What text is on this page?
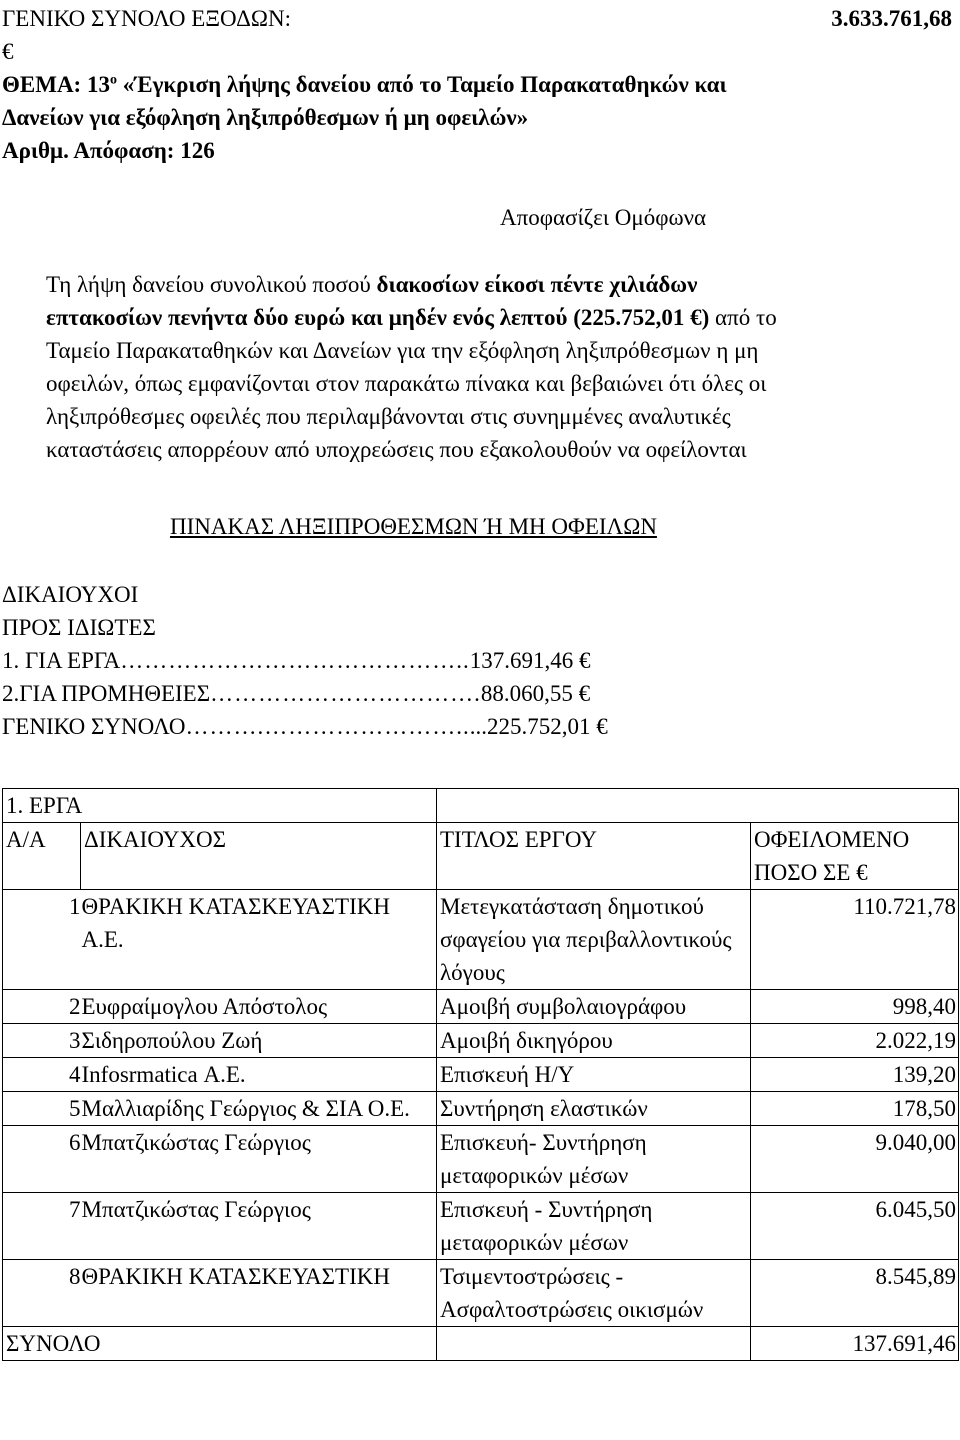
ΓΕΝΙΚΟ ΣΥΝΟΛΟ ΕΞΟΔΩΝ:	3.633.761,68
€
ΘΕΜΑ: $13^o$ «Έγκριση λήψης δανείου από το Ταμείο Παρακαταθηκών και
Δανείων για εξόφληση ληξιπρόθεσμων ή μη οφειλών»
Αριθμ. Απόφαση: 126
Αποφασίζει Ομόφωνα
Τη λήψη δανείου συνολικού ποσού διακοσίων είκοσι πέντε χιλιάδων
επτακοσίων πενήντα δύο ευρώ και μηδέν ενός λεπτού (225.752,01 €) από το
Ταμείο Παρακαταθηκών και Δανείων για την εξόφληση ληξιπρόθεσμων η μη
οφειλών, όπως εμφανίζονται στον παρακάτω πίνακα και βεβαιώνει ότι όλες οι
ληξιπρόθεσμες οφειλές που περιλαμβάνονται στις συνημμένες αναλυτικές
καταστάσεις απορρέουν από υποχρεώσεις που εξακολουθούν να οφείλονται
ΠΙΝΑΚΑΣ ΛΗΞΙΠΡΟΘΕΣΜΩΝ Ή ΜΗ ΟΦΕΙΛΩΝ
ΔΙΚΑΙΟΥΧΟΙ
ΠΡΟΣ ΙΔΙΩΤΕΣ
1. ΓΙΑ ΕΡΓΑ……………………………………..137.691,46 €
2.ΓΙΑ ΠΡΟΜΗΘΕΙΕΣ…………………………….88.060,55 €
ΓΕΝΙΚΟ ΣΥΝΟΛΟ……….…………………….....225.752,01 €
1. ΕΡΓΑ			
Α/Α	ΔΙΚΑΙΟΥΧΟΣ	ΤΙΤΛΟΣ ΕΡΓΟΥ	ΟΦΕΙΛΟΜΕΝΟ ΠΟΣΟ ΣΕ €
1	ΘΡΑΚΙΚΗ ΚΑΤΑΣΚΕΥΑΣΤΙΚΗ Α.Ε.	Μετεγκατάσταση δημοτικού σφαγείου για περιβαλλοντικούς λόγους	110.721,78
2	Ευφραίμογλου Απόστολος	Αμοιβή συμβολαιογράφου	998,40
3	Σιδηροπούλου Ζωή	Αμοιβή δικηγόρου	2.022,19
4	Infosrmatica Α.Ε.	Επισκευή Η/Υ	139,20
5	Μαλλιαρίδης Γεώργιος & ΣΙΑ Ο.Ε.	Συντήρηση ελαστικών	178,50
6	Μπατζικώστας Γεώργιος	Επισκευή- Συντήρηση μεταφορικών μέσων	9.040,00
7	Μπατζικώστας Γεώργιος	Επισκευή - Συντήρηση μεταφορικών μέσων	6.045,50
8	ΘΡΑΚΙΚΗ ΚΑΤΑΣΚΕΥΑΣΤΙΚΗ	Τσιμεντοστρώσεις - Ασφαλτοστρώσεις οικισμών	8.545,89
ΣΥΝΟΛΟ			137.691,46
